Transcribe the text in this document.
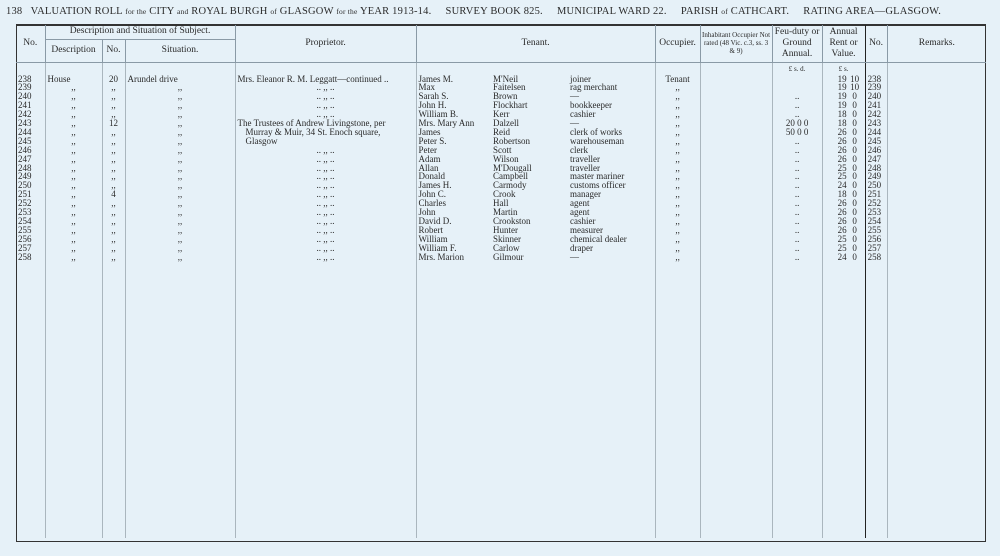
138 VALUATION ROLL for the CITY and ROYAL BURGH of GLASGOW for the YEAR 1913-14. SURVEY BOOK 825. MUNICIPAL WARD 22. PARISH of CATHCART. RATING AREA—GLASGOW.
No.	Description and Situation of Subject.			Proprietor.	Tenant.			Occupier.	Inhabitant Occupier Not rated (48 Vic. c.3, ss. 3 & 9)	Feu-duty or Ground Annual.	Annual Rent or Value.	No.	Remarks.
	Description	No.	Situation.										
										£ s. d.	£ s.		
238	House	20	Arundel drive	Mrs. Eleanor R. M. Leggatt—continued ..	James M.	M'Neil	joiner	Tenant			19 10	238	
239	,,	,,	,,	.. ,, ..	Max	Faitelsen	rag merchant	,,			19 10	239	
240	,,	,,	,,	.. ,, ..	Sarah S.	Brown	—	,,		..	19 0	240	
241	,,	,,	,,	.. ,, ..	John H.	Flockhart	bookkeeper	,,		..	19 0	241	
242	,,	,,	,,	.. ,, ..	William B.	Kerr	cashier	,,		..	18 0	242	
243	,,	12	,,	The Trustees of Andrew Livingstone, per	Mrs. Mary Ann	Dalzell	—	,,		20 0 0	18 0	243	
244	,,	,,	,,	Murray & Muir, 34 St. Enoch square,	James	Reid	clerk of works	,,		50 0 0	26 0	244	
245	,,	,,	,,	Glasgow	Peter S.	Robertson	warehouseman	,,		..	26 0	245	
246	,,	,,	,,	.. ,, ..	Peter	Scott	clerk	,,		..	26 0	246	
247	,,	,,	,,	.. ,, ..	Adam	Wilson	traveller	,,		..	26 0	247	
248	,,	,,	,,	.. ,, ..	Allan	M'Dougall	traveller	,,		..	25 0	248	
249	,,	,,	,,	.. ,, ..	Donald	Campbell	master mariner	,,		..	25 0	249	
250	,,	,,	,,	.. ,, ..	James H.	Carmody	customs officer	,,		..	24 0	250	
251	,,	4	,,	.. ,, ..	John C.	Crook	manager	,,		..	18 0	251	
252	,,	,,	,,	.. ,, ..	Charles	Hall	agent	,,		..	26 0	252	
253	,,	,,	,,	.. ,, ..	John	Martin	agent	,,		..	26 0	253	
254	,,	,,	,,	.. ,, ..	David D.	Crookston	cashier	,,		..	26 0	254	
255	,,	,,	,,	.. ,, ..	Robert	Hunter	measurer	,,		..	26 0	255	
256	,,	,,	,,	.. ,, ..	William	Skinner	chemical dealer	,,		..	25 0	256	
257	,,	,,	,,	.. ,, ..	William F.	Carlow	draper	,,		..	25 0	257	
258	,,	,,	,,	.. ,, ..	Mrs. Marion	Gilmour	—	,,		..	24 0	258	
